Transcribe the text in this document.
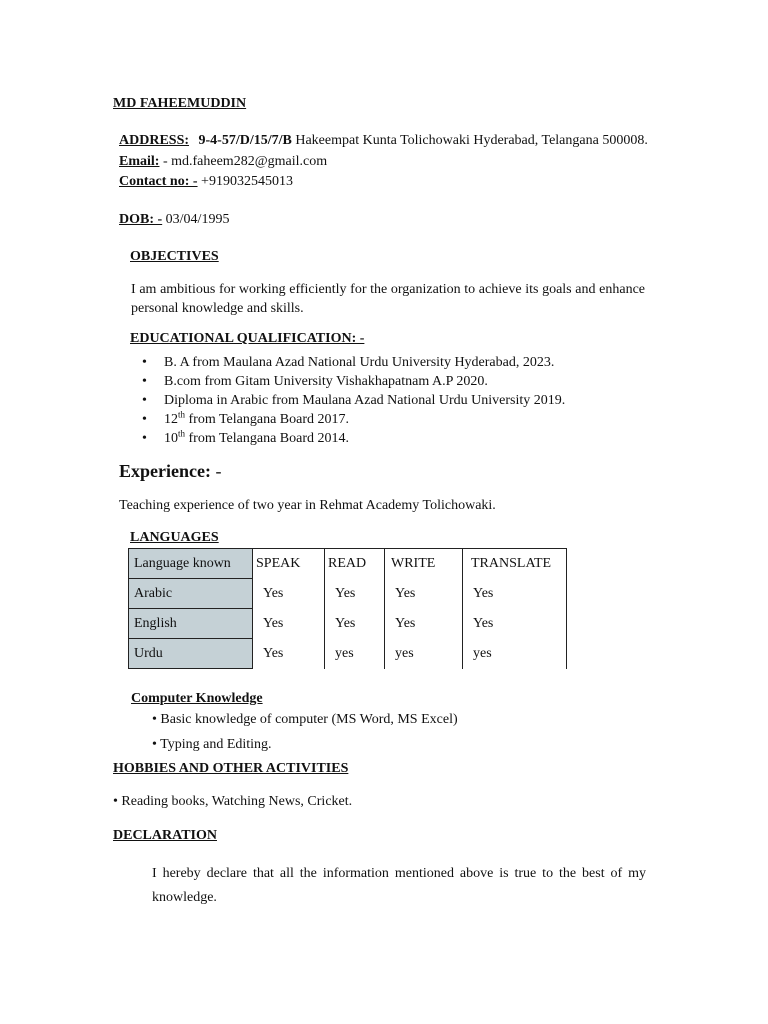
MD FAHEEMUDDIN
ADDRESS: 9-4-57/D/15/7/B Hakeempat Kunta Tolichowaki Hyderabad, Telangana 500008.
Email: - md.faheem282@gmail.com
Contact no: - +919032545013
DOB: - 03/04/1995
OBJECTIVES
I am ambitious for working efficiently for the organization to achieve its goals and enhance personal knowledge and skills.
EDUCATIONAL QUALIFICATION: -
• B. A from Maulana Azad National Urdu University Hyderabad, 2023.
• B.com from Gitam University Vishakhapatnam A.P 2020.
• Diploma in Arabic from Maulana Azad National Urdu University 2019.
• 12th from Telangana Board 2017.
• 10th from Telangana Board 2014.
Experience: -
Teaching experience of two year in Rehmat Academy Tolichowaki.
LANGUAGES
Language known	SPEAK	READ	WRITE	TRANSLATE
Arabic	Yes	Yes	Yes	Yes
English	Yes	Yes	Yes	Yes
Urdu	Yes	yes	yes	yes
Computer Knowledge
• Basic knowledge of computer (MS Word, MS Excel)
• Typing and Editing.
HOBBIES AND OTHER ACTIVITIES
• Reading books, Watching News, Cricket.
DECLARATION
I hereby declare that all the information mentioned above is true to the best of my knowledge.
